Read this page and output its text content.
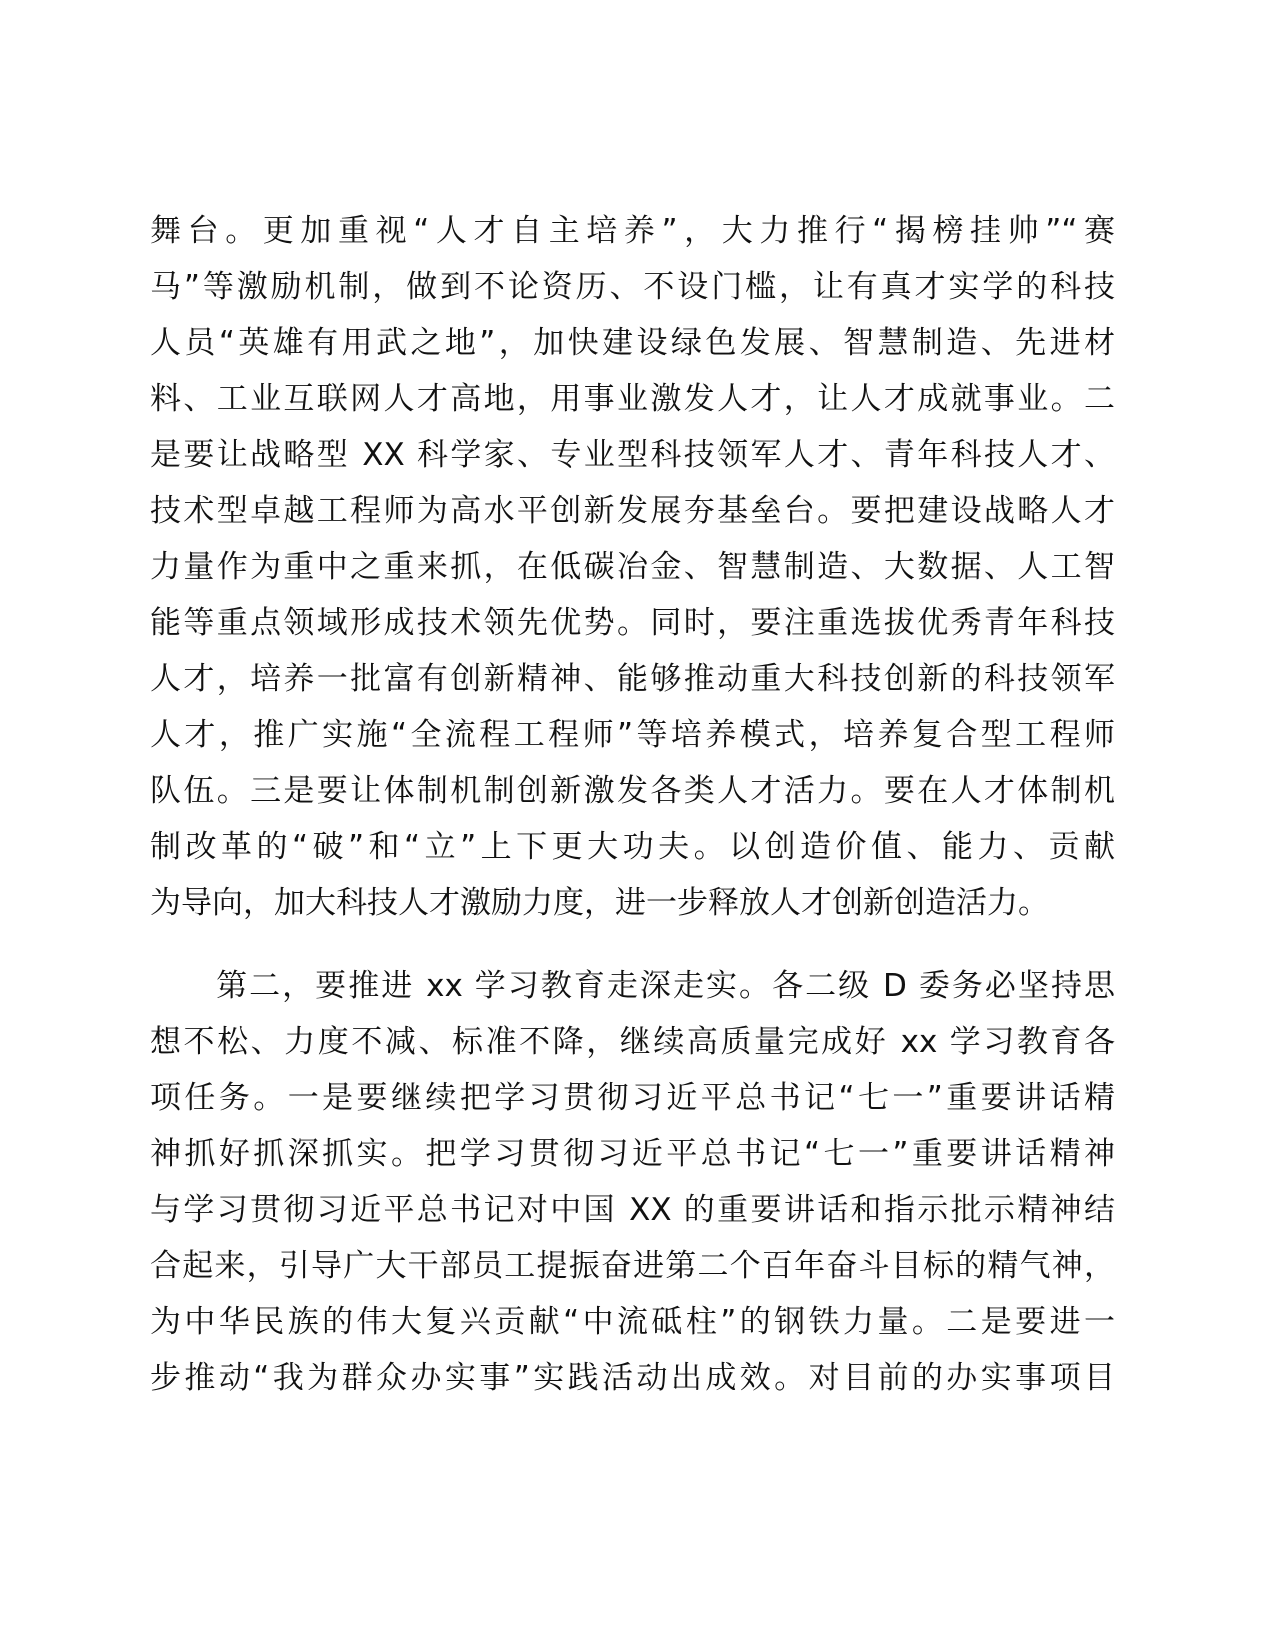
舞台。更加重视“人才自主培养”，大力推行“揭榜挂帅”“赛
马”等激励机制，做到不论资历、不设门槛，让有真才实学的科技
人员“英雄有用武之地”，加快建设绿色发展、智慧制造、先进材
料、工业互联网人才高地，用事业激发人才，让人才成就事业。二
是要让战略型 XX 科学家、专业型科技领军人才、青年科技人才、
技术型卓越工程师为高水平创新发展夯基垒台。要把建设战略人才
力量作为重中之重来抓，在低碳冶金、智慧制造、大数据、人工智
能等重点领域形成技术领先优势。同时，要注重选拔优秀青年科技
人才，培养一批富有创新精神、能够推动重大科技创新的科技领军
人才，推广实施“全流程工程师”等培养模式，培养复合型工程师
队伍。三是要让体制机制创新激发各类人才活力。要在人才体制机
制改革的“破”和“立”上下更大功夫。以创造价值、能力、贡献
为导向，加大科技人才激励力度，进一步释放人才创新创造活力。
　　第二，要推进 xx 学习教育走深走实。各二级 D 委务必坚持思
想不松、力度不减、标准不降，继续高质量完成好 xx 学习教育各
项任务。一是要继续把学习贯彻习近平总书记“七一”重要讲话精
神抓好抓深抓实。把学习贯彻习近平总书记“七一”重要讲话精神
与学习贯彻习近平总书记对中国 XX 的重要讲话和指示批示精神结
合起来，引导广大干部员工提振奋进第二个百年奋斗目标的精气神，
为中华民族的伟大复兴贡献“中流砥柱”的钢铁力量。二是要进一
步推动“我为群众办实事”实践活动出成效。对目前的办实事项目
